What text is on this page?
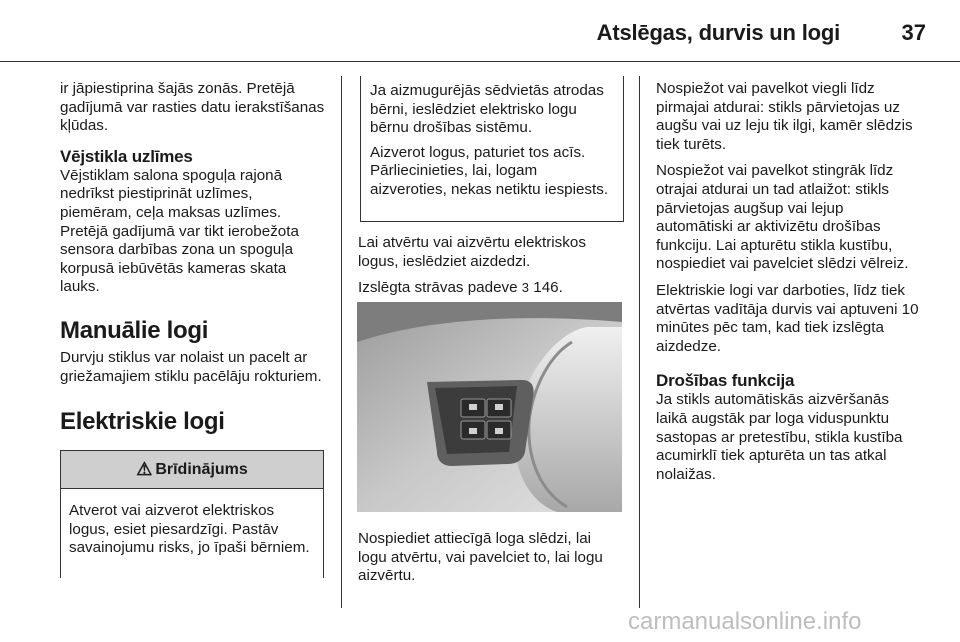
Atslēgas, durvis un logi	37

ir jāpiestiprina šajās zonās. Pretējā gadījumā var rasties datu ierakstīšanas kļūdas.

Vējstikla uzlīmes

Vējstiklam salona spoguļa rajonā nedrīkst piestiprināt uzlīmes, piemēram, ceļa maksas uzlīmes. Pretējā gadījumā var tikt ierobežota sensora darbības zona un spoguļa korpusā iebūvētās kameras skata lauks.

Manuālie logi

Durvju stiklus var nolaist un pacelt ar griežamajiem stiklu pacēlāju rokturiem.

Elektriskie logi
⚠ Brīdinājums
Atverot vai aizverot elektriskos logus, esiet piesardzīgi. Pastāv savainojumu risks, jo īpaši bērniem.

Ja aizmugurējās sēdvietās atrodas bērni, ieslēdziet elektrisko logu bērnu drošības sistēmu.

Aizverot logus, paturiet tos acīs. Pārliecinieties, lai, logam aizveroties, nekas netiktu iespiests.

Lai atvērtu vai aizvērtu elektriskos logus, ieslēdziet aizdedzi.

Izslēgta strāvas padeve 3 146.

Nospiediet attiecīgā loga slēdzi, lai logu atvērtu, vai pavelciet to, lai logu aizvērtu.

Nospiežot vai pavelkot viegli līdz pirmajai atdurai: stikls pārvietojas uz augšu vai uz leju tik ilgi, kamēr slēdzis tiek turēts.

Nospiežot vai pavelkot stingrāk līdz otrajai atdurai un tad atlaižot: stikls pārvietojas augšup vai lejup automātiski ar aktivizētu drošības funkciju. Lai apturētu stikla kustību, nospiediet vai pavelciet slēdzi vēlreiz.

Elektriskie logi var darboties, līdz tiek atvērtas vadītāja durvis vai aptuveni 10 minūtes pēc tam, kad tiek izslēgta aizdedze.

Drošības funkcija

Ja stikls automātiskās aizvēršanās laikā augstāk par loga viduspunktu sastopas ar pretestību, stikla kustība acumirklī tiek apturēta un tas atkal nolaižas.

carmanualsonline.info
